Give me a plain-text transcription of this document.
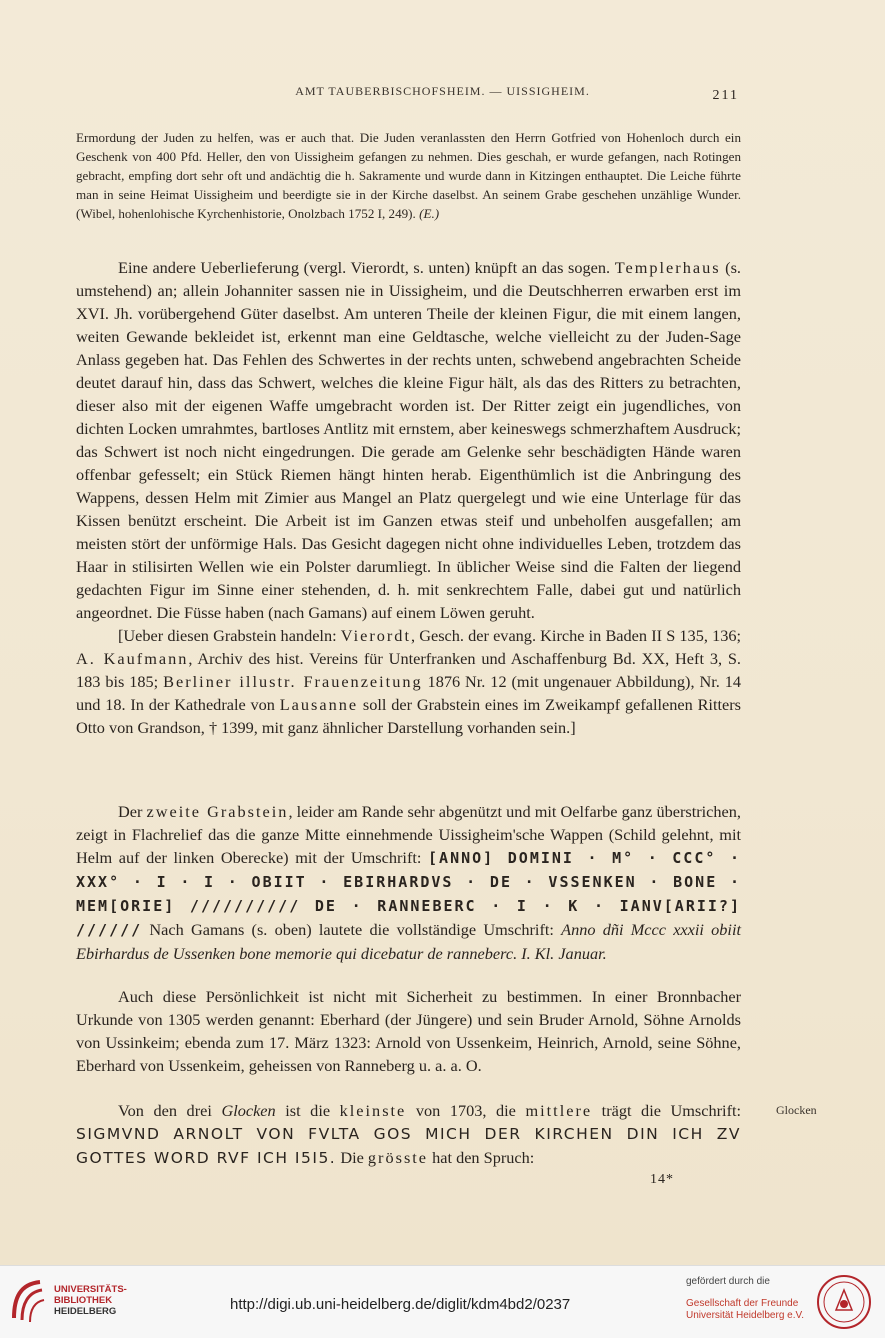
AMT TAUBERBISCHOFSHEIM. — UISSIGHEIM.	211
Ermordung der Juden zu helfen, was er auch that. Die Juden veranlassten den Herrn Gotfried von Hohenloch durch ein Geschenk von 400 Pfd. Heller, den von Uissigheim gefangen zu nehmen. Dies geschah, er wurde gefangen, nach Rotingen gebracht, empfing dort sehr oft und andächtig die h. Sakramente und wurde dann in Kitzingen enthauptet. Die Leiche führte man in seine Heimat Uissigheim und beerdigte sie in der Kirche daselbst. An seinem Grabe geschehen unzählige Wunder. (Wibel, hohenlohische Kyrchenhistorie, Onolzbach 1752 I, 249). (E.)

Eine andere Ueberlieferung (vergl. Vierordt, s. unten) knüpft an das sogen. Templerhaus (s. umstehend) an; allein Johanniter sassen nie in Uissigheim, und die Deutschherren erwarben erst im XVI. Jh. vorübergehend Güter daselbst. Am unteren Theile der kleinen Figur, die mit einem langen, weiten Gewande bekleidet ist, erkennt man eine Geldtasche, welche vielleicht zu der Juden-Sage Anlass gegeben hat. Das Fehlen des Schwertes in der rechts unten, schwebend angebrachten Scheide deutet darauf hin, dass das Schwert, welches die kleine Figur hält, als das des Ritters zu betrachten, dieser also mit der eigenen Waffe umgebracht worden ist. Der Ritter zeigt ein jugendliches, von dichten Locken umrahmtes, bartloses Antlitz mit ernstem, aber keineswegs schmerzhaftem Ausdruck; das Schwert ist noch nicht eingedrungen. Die gerade am Gelenke sehr beschädigten Hände waren offenbar gefesselt; ein Stück Riemen hängt hinten herab. Eigenthümlich ist die Anbringung des Wappens, dessen Helm mit Zimier aus Mangel an Platz quergelegt und wie eine Unterlage für das Kissen benützt erscheint. Die Arbeit ist im Ganzen etwas steif und unbeholfen ausgefallen; am meisten stört der unförmige Hals. Das Gesicht dagegen nicht ohne individuelles Leben, trotzdem das Haar in stilisirten Wellen wie ein Polster darumliegt. In üblicher Weise sind die Falten der liegend gedachten Figur im Sinne einer stehenden, d. h. mit senkrechtem Falle, dabei gut und natürlich angeordnet. Die Füsse haben (nach Gamans) auf einem Löwen geruht.

[Ueber diesen Grabstein handeln: Vierordt, Gesch. der evang. Kirche in Baden II S 135, 136; A. Kaufmann, Archiv des hist. Vereins für Unterfranken und Aschaffenburg Bd. XX, Heft 3, S. 183 bis 185; Berliner illustr. Frauenzeitung 1876 Nr. 12 (mit ungenauer Abbildung), Nr. 14 und 18. In der Kathedrale von Lausanne soll der Grabstein eines im Zweikampf gefallenen Ritters Otto von Grandson, † 1399, mit ganz ähnlicher Darstellung vorhanden sein.]

Der zweite Grabstein, leider am Rande sehr abgenützt und mit Oelfarbe ganz überstrichen, zeigt in Flachrelief das die ganze Mitte einnehmende Uissigheim'sche Wappen (Schild gelehnt, mit Helm auf der linken Oberecke) mit der Umschrift: [ANNO] DOMINI · M° · CCC° · XXX° · I · I · OBIIT · EBIRHARDVS · DE · VSSENKEN · BONE · MEM[ORIE] ////////// DE · RANNEBERC · I · K · IANV[ARII?] ////// Nach Gamans (s. oben) lautete die vollständige Umschrift: Anno dñi Mccc xxxii obiit Ebirhardus de Ussenken bone memorie qui dicebatur de ranneberc. I. Kl. Januar.

Auch diese Persönlichkeit ist nicht mit Sicherheit zu bestimmen. In einer Bronnbacher Urkunde von 1305 werden genannt: Eberhard (der Jüngere) und sein Bruder Arnold, Söhne Arnolds von Ussinkeim; ebenda zum 17. März 1323: Arnold von Ussenkeim, Heinrich, Arnold, seine Söhne, Eberhard von Ussenkeim, geheissen von Ranneberg u. a. a. O.

Von den drei Glocken ist die kleinste von 1703, die mittlere trägt die Umschrift: SIGMVND ARNOLT VON FVLTA GOS MICH DER KIRCHEN DIN ICH ZV GOTTES WORD RVF ICH I5I5. Die grösste hat den Spruch:

Glocken
14*
UNIVERSITÄTS-
BIBLIOTHEK
HEIDELBERG	http://digi.ub.uni-heidelberg.de/diglit/kdm4bd2/0237
gefördert durch die
Gesellschaft der Freunde
Universität Heidelberg e.V.
